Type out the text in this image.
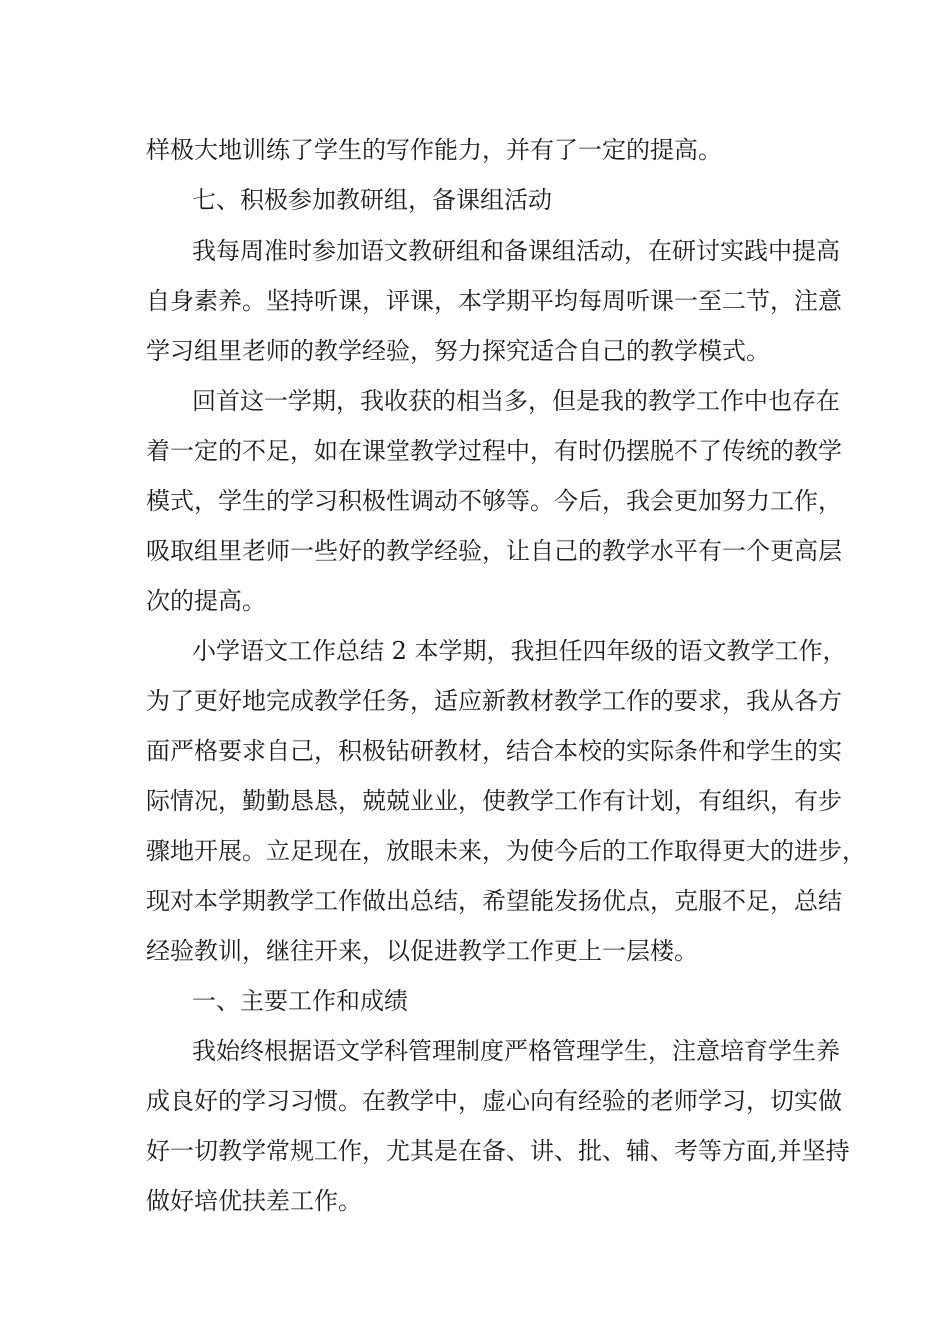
样极大地训练了学生的写作能力，并有了一定的提高。
七、积极参加教研组，备课组活动
我每周准时参加语文教研组和备课组活动，在研讨实践中提高
自身素养。坚持听课，评课，本学期平均每周听课一至二节，注意
学习组里老师的教学经验，努力探究适合自己的教学模式。
回首这一学期，我收获的相当多，但是我的教学工作中也存在
着一定的不足，如在课堂教学过程中，有时仍摆脱不了传统的教学
模式，学生的学习积极性调动不够等。今后，我会更加努力工作，
吸取组里老师一些好的教学经验，让自己的教学水平有一个更高层
次的提高。
小学语文工作总结 2 本学期，我担任四年级的语文教学工作，
为了更好地完成教学任务，适应新教材教学工作的要求，我从各方
面严格要求自己，积极钻研教材，结合本校的实际条件和学生的实
际情况，勤勤恳恳，兢兢业业，使教学工作有计划，有组织，有步
骤地开展。立足现在，放眼未来，为使今后的工作取得更大的进步，
现对本学期教学工作做出总结，希望能发扬优点，克服不足，总结
经验教训，继往开来，以促进教学工作更上一层楼。
一、主要工作和成绩
我始终根据语文学科管理制度严格管理学生，注意培育学生养
成良好的学习习惯。在教学中，虚心向有经验的老师学习，切实做
好一切教学常规工作，尤其是在备、讲、批、辅、考等方面,并坚持
做好培优扶差工作。
